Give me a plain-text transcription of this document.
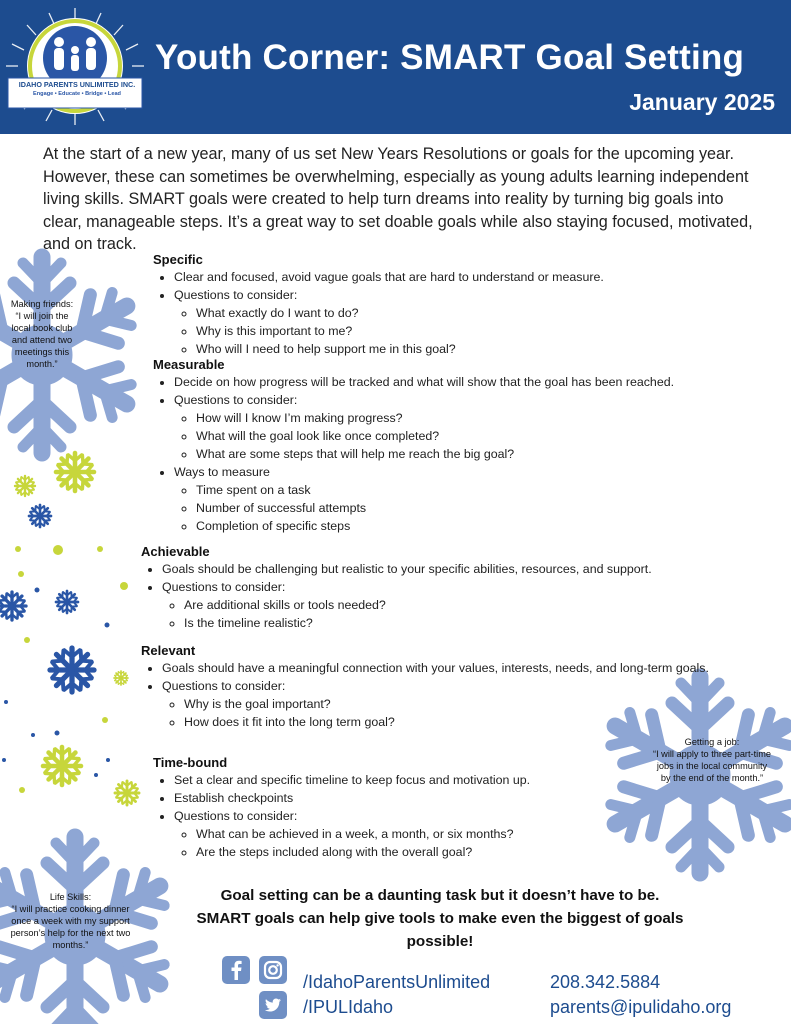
IDAHO PARENTS UNLIMITED INC.
Engage • Educate • Bridge • Lead
Youth Corner: SMART Goal Setting
January 2025
At the start of a new year, many of us set New Years Resolutions or goals for the upcoming year. However, these can sometimes be overwhelming, especially as young adults learning independent living skills. SMART goals were created to help turn dreams into reality by turning big goals into clear, manageable steps. It’s a great way to set doable goals while also staying focused, motivated, and on track.
Specific
• Clear and focused, avoid vague goals that are hard to understand or measure.
• Questions to consider:
◦ What exactly do I want to do?
◦ Why is this important to me?
◦ Who will I need to help support me in this goal?
Measurable
• Decide on how progress will be tracked and what will show that the goal has been reached.
• Questions to consider:
◦ How will I know I’m making progress?
◦ What will the goal look like once completed?
◦ What are some steps that will help me reach the big goal?
• Ways to measure
◦ Time spent on a task
◦ Number of successful attempts
◦ Completion of specific steps
Achievable
• Goals should be challenging but realistic to your specific abilities, resources, and support.
• Questions to consider:
◦ Are additional skills or tools needed?
◦ Is the timeline realistic?
Relevant
• Goals should have a meaningful connection with your values, interests, needs, and long-term goals.
• Questions to consider:
◦ Why is the goal important?
◦ How does it fit into the long term goal?
Time-bound
• Set a clear and specific timeline to keep focus and motivation up.
• Establish checkpoints
• Questions to consider:
◦ What can be achieved in a week, a month, or six months?
◦ Are the steps included along with the overall goal?
Making friends:
“I will join the local book club and attend two meetings this month.”
Getting a job:
“I will apply to three part-time jobs in the local community by the end of the month.”
Life Skills:
“I will practice cooking dinner once a week with my support person’s help for the next two months.”
Goal setting can be a daunting task but it doesn’t have to be. SMART goals can help give tools to make even the biggest of goals possible!
/IdahoParentsUnlimited
/IPULIdaho
208.342.5884
parents@ipulidaho.org
